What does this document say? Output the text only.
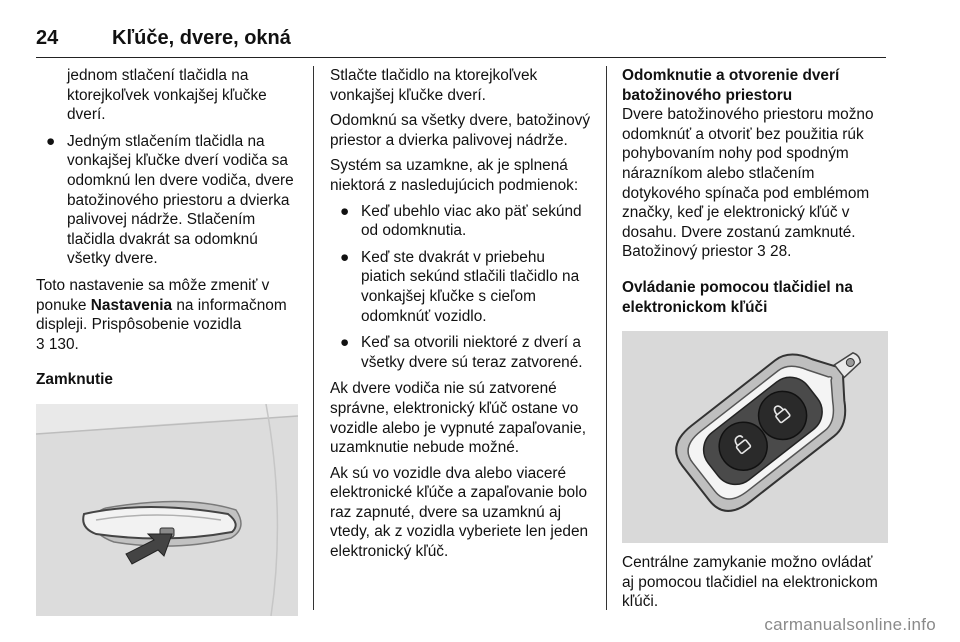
24	Kľúče, dvere, okná

jednom stlačení tlačidla na ktorejkoľvek vonkajšej kľučke dverí.

● Jedným stlačením tlačidla na vonkajšej kľučke dverí vodiča sa odomknú len dvere vodiča, dvere batožinového priestoru a dvierka palivovej nádrže. Stlačením tlačidla dvakrát sa odomknú všetky dvere.

Toto nastavenie sa môže zmeniť v ponuke Nastavenia na informačnom displeji. Prispôsobenie vozidla
3 130.

Zamknutie

Stlačte tlačidlo na ktorejkoľvek vonkajšej kľučke dverí.

Odomknú sa všetky dvere, batožinový priestor a dvierka palivovej nádrže.

Systém sa uzamkne, ak je splnená niektorá z nasledujúcich podmienok:

● Keď ubehlo viac ako päť sekúnd od odomknutia.

● Keď ste dvakrát v priebehu piatich sekúnd stlačili tlačidlo na vonkajšej kľučke s cieľom odomknúť vozidlo.

● Keď sa otvorili niektoré z dverí a všetky dvere sú teraz zatvorené.

Ak dvere vodiča nie sú zatvorené správne, elektronický kľúč ostane vo vozidle alebo je vypnuté zapaľovanie, uzamknutie nebude možné.

Ak sú vo vozidle dva alebo viaceré elektronické kľúče a zapaľovanie bolo raz zapnuté, dvere sa uzamknú aj vtedy, ak z vozidla vyberiete len jeden elektronický kľúč.

Odomknutie a otvorenie dverí batožinového priestoru

Dvere batožinového priestoru možno odomknúť a otvoriť bez použitia rúk pohybovaním nohy pod spodným nárazníkom alebo stlačením dotykového spínača pod emblémom značky, keď je elektronický kľúč v dosahu. Dvere zostanú zamknuté. Batožinový priestor 3 28.

Ovládanie pomocou tlačidiel na elektronickom kľúči

Centrálne zamykanie možno ovládať aj pomocou tlačidiel na elektronickom kľúči.

carmanualsonline.info
